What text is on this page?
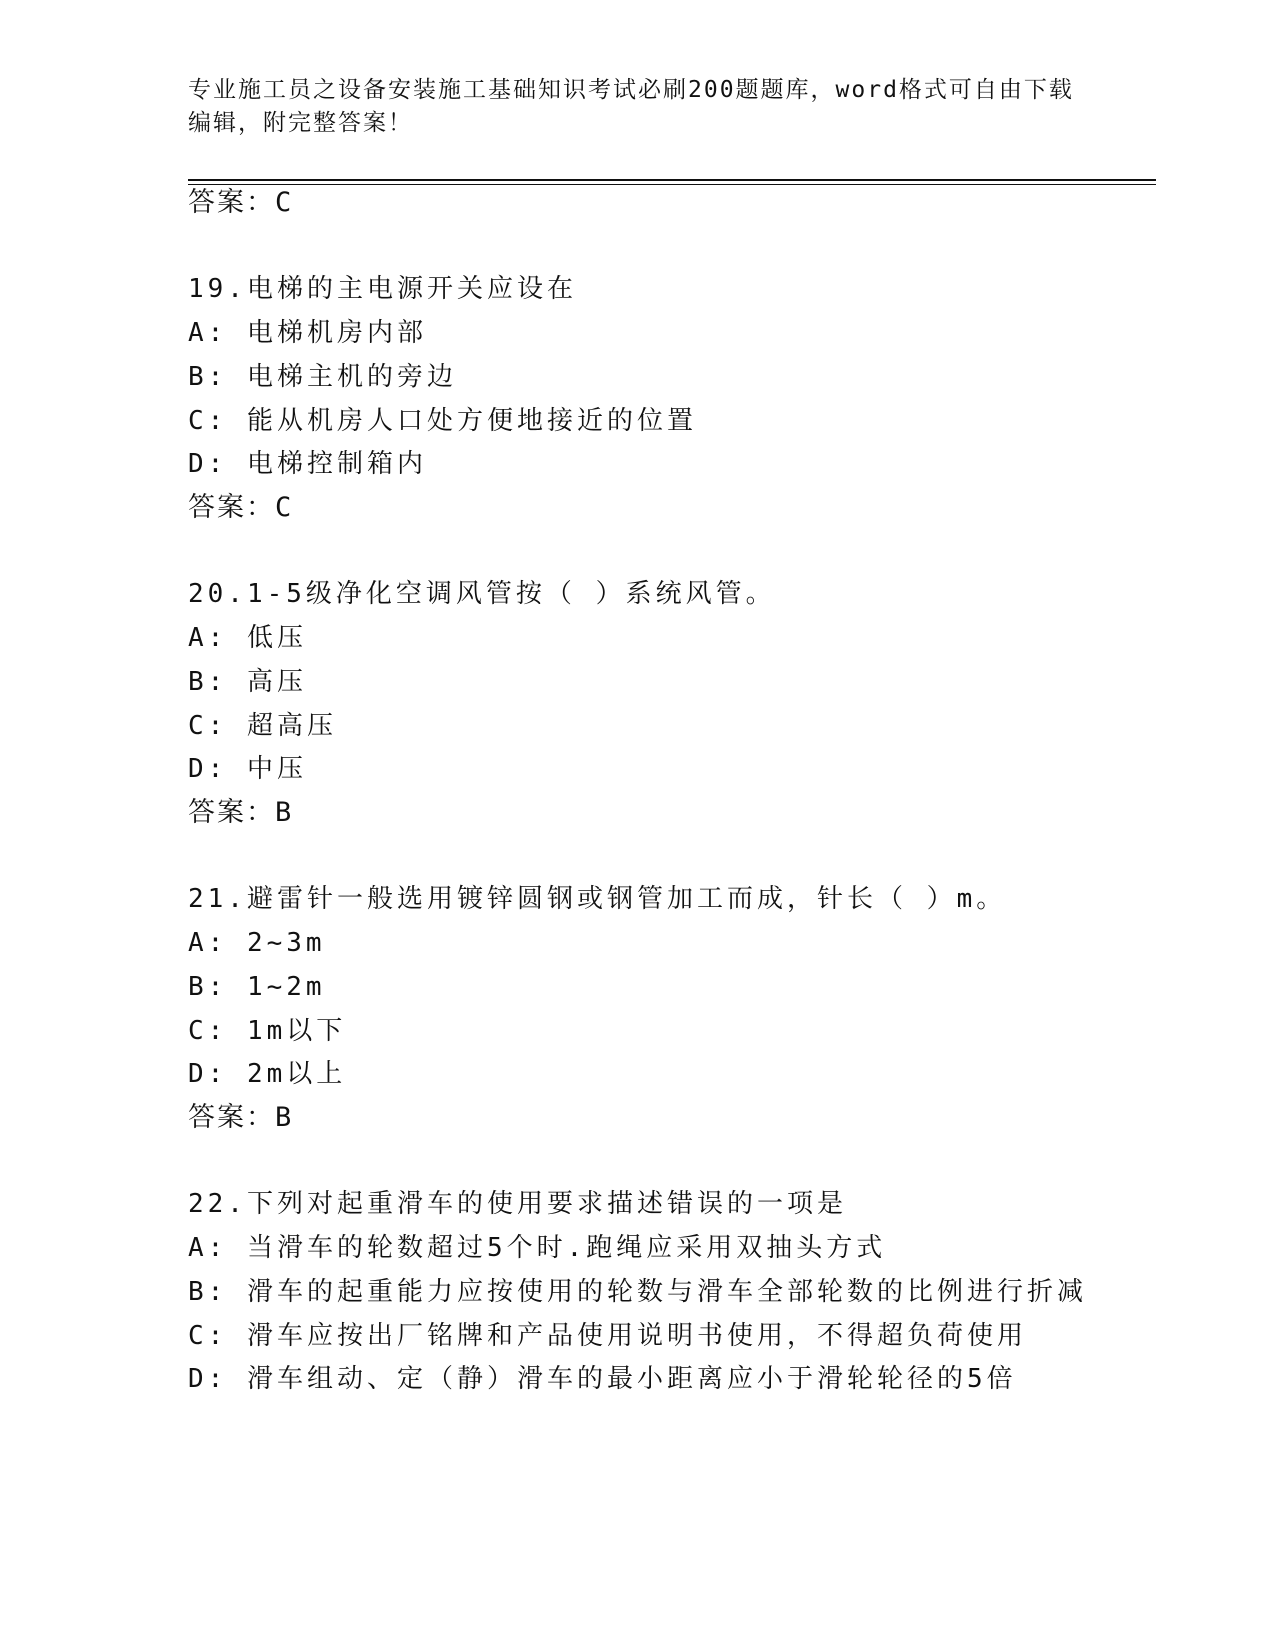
专业施工员之设备安装施工基础知识考试必刷200题题库，word格式可自由下载
编辑，附完整答案！
答案：C
19.电梯的主电源开关应设在
A: 电梯机房内部
B: 电梯主机的旁边
C: 能从机房人口处方便地接近的位置
D: 电梯控制箱内
答案：C
20.1-5级净化空调风管按（ ）系统风管。
A: 低压
B: 高压
C: 超高压
D: 中压
答案：B
21.避雷针一般选用镀锌圆钢或钢管加工而成，针长（ ）m。
A: 2~3m
B: 1~2m
C: 1m以下
D: 2m以上
答案：B
22.下列对起重滑车的使用要求描述错误的一项是
A: 当滑车的轮数超过5个时.跑绳应采用双抽头方式
B: 滑车的起重能力应按使用的轮数与滑车全部轮数的比例进行折减
C: 滑车应按出厂铭牌和产品使用说明书使用，不得超负荷使用
D: 滑车组动、定（静）滑车的最小距离应小于滑轮轮径的5倍
